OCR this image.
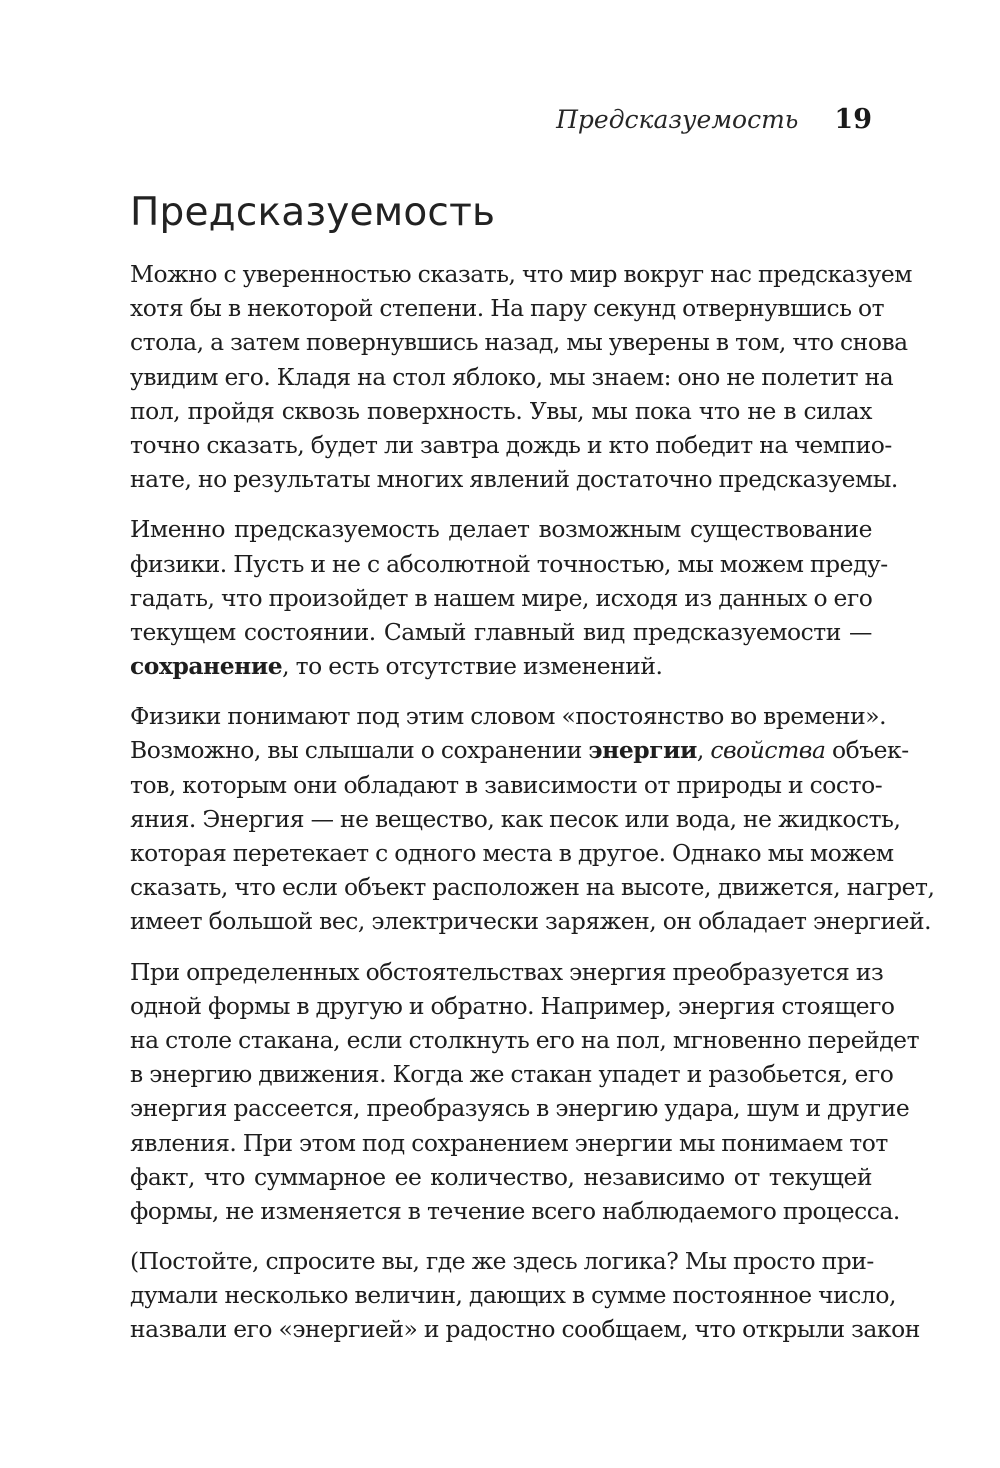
Предсказуемость 19
Предсказуемость
Можно с уверенностью сказать, что мир вокруг нас предсказуем
хотя бы в некоторой степени. На пару секунд отвернувшись от
стола, а затем повернувшись назад, мы уверены в том, что снова
увидим его. Кладя на стол яблоко, мы знаем: оно не полетит на
пол, пройдя сквозь поверхность. Увы, мы пока что не в силах
точно сказать, будет ли завтра дождь и кто победит на чемпио-
нате, но результаты многих явлений достаточно предсказуемы.
Именно предсказуемость делает возможным существование
физики. Пусть и не с абсолютной точностью, мы можем преду-
гадать, что произойдет в нашем мире, исходя из данных о его
текущем состоянии. Самый главный вид предсказуемости —
сохранение, то есть отсутствие изменений.
Физики понимают под этим словом «постоянство во времени».
Возможно, вы слышали о сохранении энергии, свойства объек-
тов, которым они обладают в зависимости от природы и состо-
яния. Энергия — не вещество, как песок или вода, не жидкость,
которая перетекает с одного места в другое. Однако мы можем
сказать, что если объект расположен на высоте, движется, нагрет,
имеет большой вес, электрически заряжен, он обладает энергией.
При определенных обстоятельствах энергия преобразуется из
одной формы в другую и обратно. Например, энергия стоящего
на столе стакана, если столкнуть его на пол, мгновенно перейдет
в энергию движения. Когда же стакан упадет и разобьется, его
энергия рассеется, преобразуясь в энергию удара, шум и другие
явления. При этом под сохранением энергии мы понимаем тот
факт, что суммарное ее количество, независимо от текущей
формы, не изменяется в течение всего наблюдаемого процесса.
(Постойте, спросите вы, где же здесь логика? Мы просто при-
думали несколько величин, дающих в сумме постоянное число,
назвали его «энергией» и радостно сообщаем, что открыли закон
